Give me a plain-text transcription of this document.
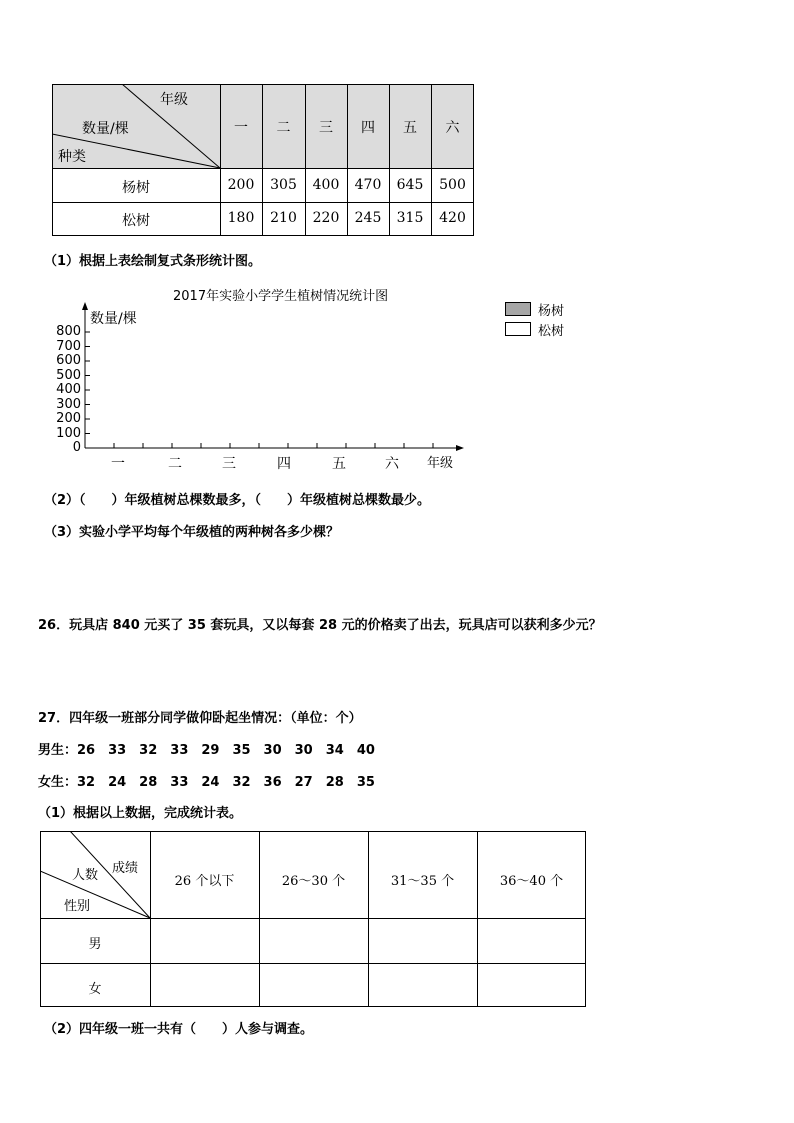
年级
数量/棵
种类
一	二	三	四	五	六
杨树	200	305	400	470	645	500
松树	180	210	220	245	315	420
（1）根据上表绘制复式条形统计图。
2017年实验小学学生植树情况统计图
数量/棵
年级
0
100
200
300
400
500
600
700
800
一	二	三	四	五	六
杨树
松树
（2）（　　）年级植树总棵数最多，（　　）年级植树总棵数最少。
（3）实验小学平均每个年级植的两种树各多少棵？
26．玩具店 840 元买了 35 套玩具，又以每套 28 元的价格卖了出去，玩具店可以获利多少元？
27．四年级一班部分同学做仰卧起坐情况：（单位：个）
男生：26　33　32　33　29　35　30　30　34　40
女生：32　24　28　33　24　32　36　27　28　35
（1）根据以上数据，完成统计表。
成绩
人数
性别
26 个以下	26～30 个	31～35 个	36～40 个
男
女
（2）四年级一班一共有（　　）人参与调查。
